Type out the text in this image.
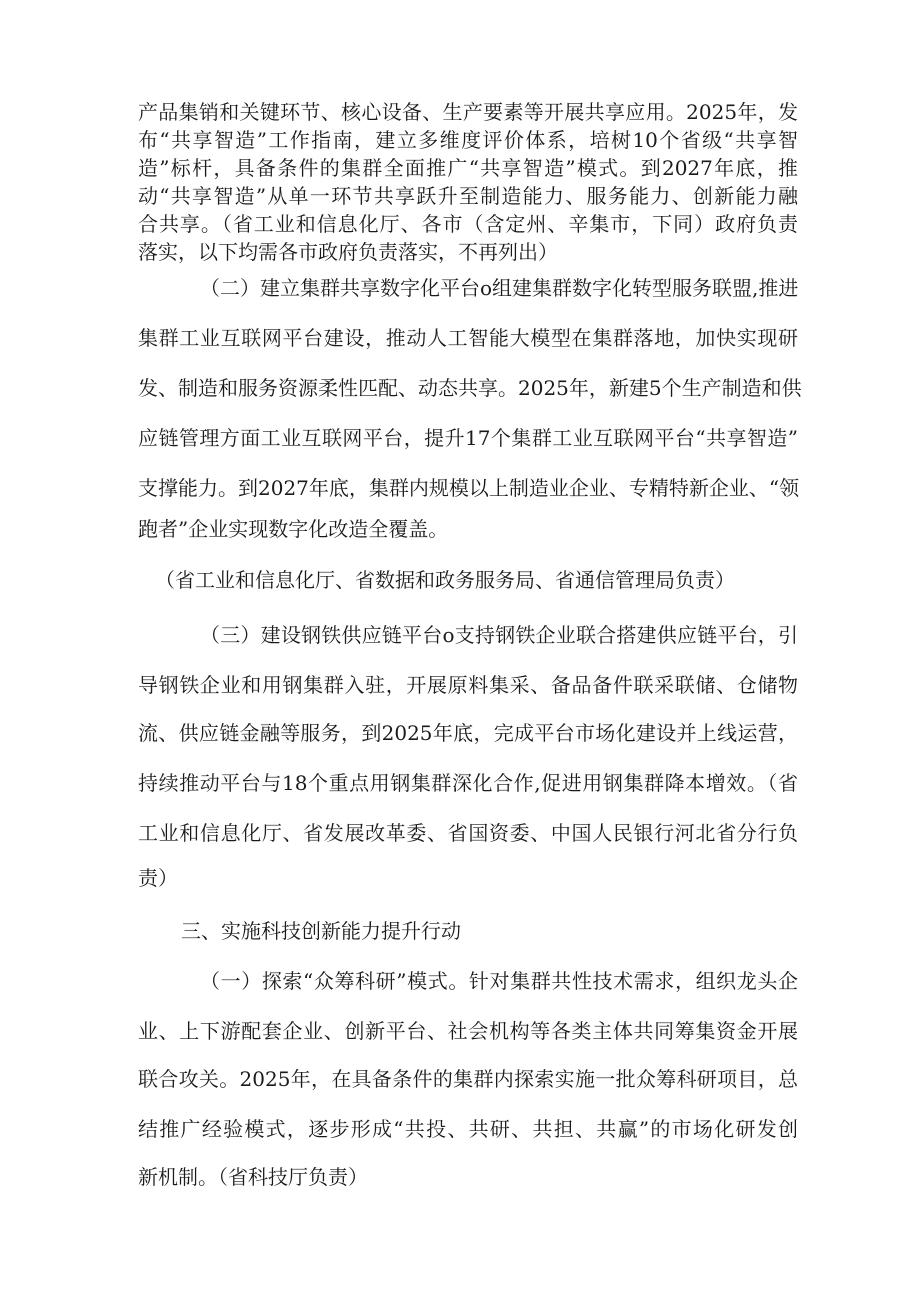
产品集销和关键环节、核心设备、生产要素等开展共享应用。2025年，发
布“共享智造”工作指南，建立多维度评价体系，培树10个省级“共享智
造”标杆，具备条件的集群全面推广“共享智造”模式。到2027年底，推
动“共享智造”从单一环节共享跃升至制造能力、服务能力、创新能力融
合共享。（省工业和信息化厅、各市（含定州、辛集市，下同）政府负责
落实，以下均需各市政府负责落实，不再列出）
（二）建立集群共享数字化平台o组建集群数字化转型服务联盟,推进
集群工业互联网平台建设，推动人工智能大模型在集群落地，加快实现研
发、制造和服务资源柔性匹配、动态共享。2025年，新建5个生产制造和供
应链管理方面工业互联网平台，提升17个集群工业互联网平台“共享智造”
支撑能力。到2027年底，集群内规模以上制造业企业、专精特新企业、“领
跑者”企业实现数字化改造全覆盖。
（省工业和信息化厅、省数据和政务服务局、省通信管理局负责）
（三）建设钢铁供应链平台o支持钢铁企业联合搭建供应链平台，引
导钢铁企业和用钢集群入驻，开展原料集采、备品备件联采联储、仓储物
流、供应链金融等服务，到2025年底，完成平台市场化建设并上线运营，
持续推动平台与18个重点用钢集群深化合作,促进用钢集群降本增效。（省
工业和信息化厅、省发展改革委、省国资委、中国人民银行河北省分行负
责）
三、实施科技创新能力提升行动
（一）探索“众筹科研”模式。针对集群共性技术需求，组织龙头企
业、上下游配套企业、创新平台、社会机构等各类主体共同筹集资金开展
联合攻关。2025年，在具备条件的集群内探索实施一批众筹科研项目，总
结推广经验模式，逐步形成“共投、共研、共担、共赢”的市场化研发创
新机制。（省科技厅负责）
